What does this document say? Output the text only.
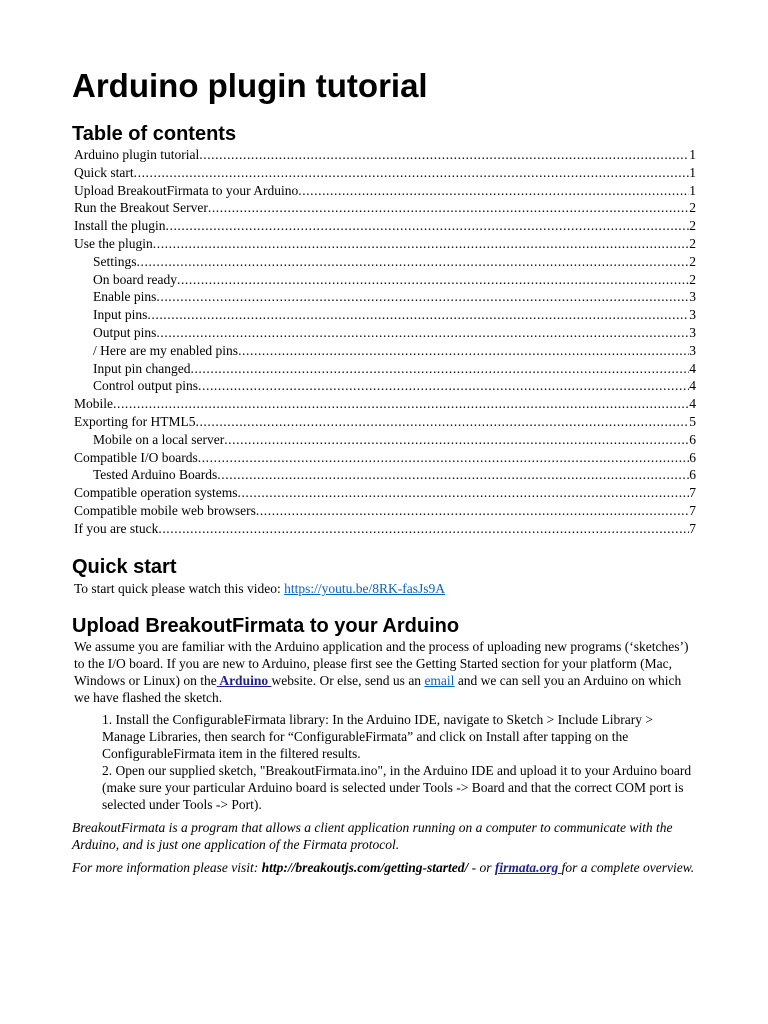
Arduino plugin tutorial
Table of contents
Arduino plugin tutorial .....	1
Quick start .....	1
Upload BreakoutFirmata to your Arduino .....	1
Run the Breakout Server .....	2
Install the plugin .....	2
Use the plugin .....	2
Settings .....	2
On board ready .....	2
Enable pins .....	3
Input pins .....	3
Output pins .....	3
/ Here are my enabled pins .....	3
Input pin changed .....	4
Control output pins .....	4
Mobile .....	4
Exporting for HTML5 .....	5
Mobile on a local server .....	6
Compatible I/O boards .....	6
Tested Arduino Boards .....	6
Compatible operation systems .....	7
Compatible mobile web browsers .....	7
If you are stuck .....	7
Quick start

To start quick please watch this video: https://youtu.be/8RK-fasJs9A

Upload BreakoutFirmata to your Arduino

We assume you are familiar with the Arduino application and the process of uploading new programs (‘sketches’) to the I/O board. If you are new to Arduino, please first see the Getting Started section for your platform (Mac, Windows or Linux) on the Arduino website. Or else, send us an email and we can sell you an Arduino on which we have flashed the sketch.

1. Install the ConfigurableFirmata library: In the Arduino IDE, navigate to Sketch > Include Library > Manage Libraries, then search for “ConfigurableFirmata” and click on Install after tapping on the ConfigurableFirmata item in the filtered results.
2. Open our supplied sketch, "BreakoutFirmata.ino", in the Arduino IDE and upload it to your Arduino board (make sure your particular Arduino board is selected under Tools -> Board and that the correct COM port is selected under Tools -> Port).

BreakoutFirmata is a program that allows a client application running on a computer to communicate with the Arduino, and is just one application of the Firmata protocol.

For more information please visit: http://breakoutjs.com/getting-started/ - or firmata.org for a complete overview.
